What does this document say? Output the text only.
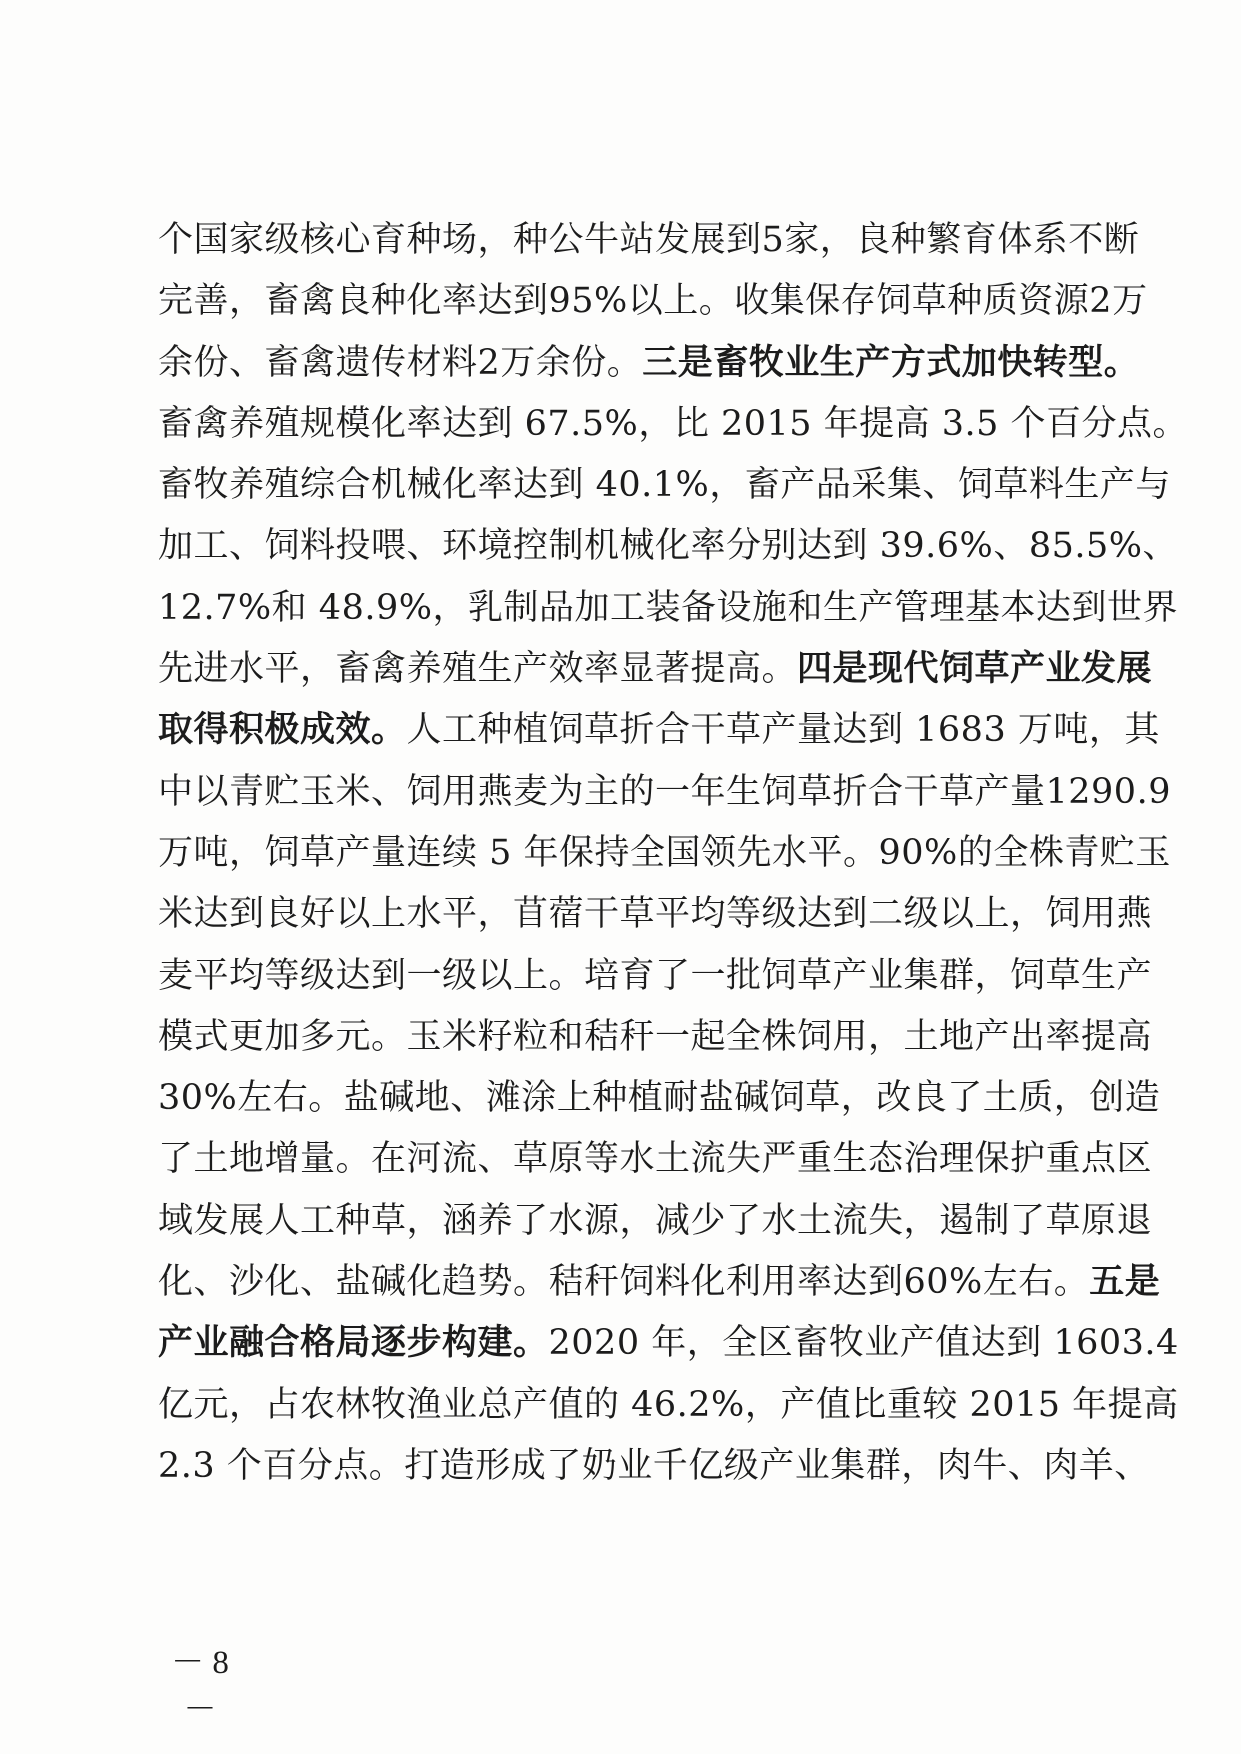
个国家级核心育种场，种公牛站发展到5家，良种繁育体系不断
完善，畜禽良种化率达到95%以上。收集保存饲草种质资源2万
余份、畜禽遗传材料2万余份。三是畜牧业生产方式加快转型。
畜禽养殖规模化率达到 67.5%，比 2015 年提高 3.5 个百分点。
畜牧养殖综合机械化率达到 40.1%，畜产品采集、饲草料生产与
加工、饲料投喂、环境控制机械化率分别达到 39.6%、85.5%、
12.7%和 48.9%，乳制品加工装备设施和生产管理基本达到世界
先进水平，畜禽养殖生产效率显著提高。四是现代饲草产业发展
取得积极成效。人工种植饲草折合干草产量达到 1683 万吨，其
中以青贮玉米、饲用燕麦为主的一年生饲草折合干草产量1290.9
万吨，饲草产量连续 5 年保持全国领先水平。90%的全株青贮玉
米达到良好以上水平，苜蓿干草平均等级达到二级以上，饲用燕
麦平均等级达到一级以上。培育了一批饲草产业集群，饲草生产
模式更加多元。玉米籽粒和秸秆一起全株饲用，土地产出率提高
30%左右。盐碱地、滩涂上种植耐盐碱饲草，改良了土质，创造
了土地增量。在河流、草原等水土流失严重生态治理保护重点区
域发展人工种草，涵养了水源，减少了水土流失，遏制了草原退
化、沙化、盐碱化趋势。秸秆饲料化利用率达到60%左右。五是
产业融合格局逐步构建。2020 年，全区畜牧业产值达到 1603.4
亿元，占农林牧渔业总产值的 46.2%，产值比重较 2015 年提高
2.3 个百分点。打造形成了奶业千亿级产业集群，肉牛、肉羊、
－ 8 －
